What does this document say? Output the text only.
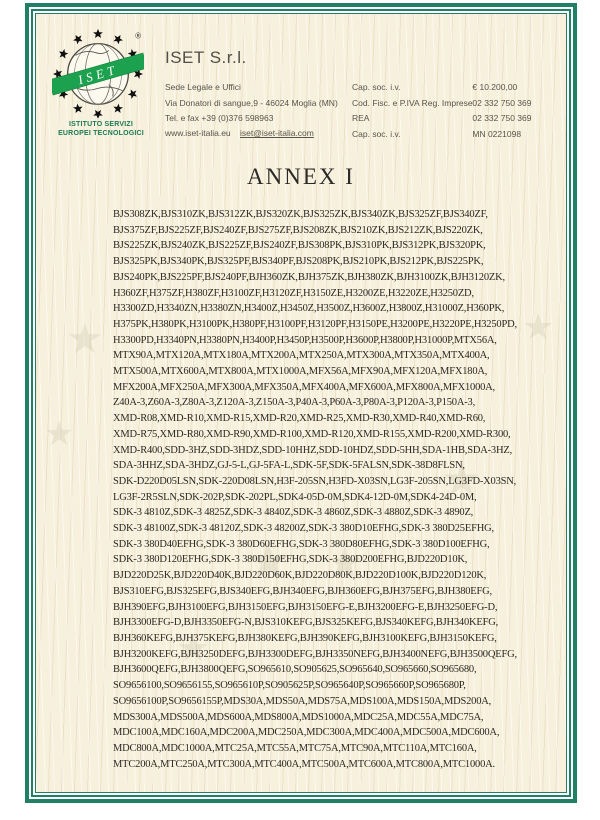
★
★
★
★
★
★
★
ISET
®
ISTITUTO SERVIZI
EUROPEI TECNOLOGICI
ISET S.r.l.
Sede Legale e Uffici
Via Donatori di sangue,9 - 46024 Moglia (MN)
Tel. e fax +39 (0)376 598963
www.iset-italia.eu iset@iset-italia.com
Cap. soc. i.v.	€ 10.200,00
Cod. Fisc. e P.IVA Reg. Imprese 02 332 750 369
REA	02 332 750 369
Cap. soc. i.v.	MN 0221098
ANNEX I
BJS308ZK,BJS310ZK,BJS312ZK,BJS320ZK,BJS325ZK,BJS340ZK,BJS325ZF,BJS340ZF,
BJS375ZF,BJS225ZF,BJS240ZF,BJS275ZF,BJS208ZK,BJS210ZK,BJS212ZK,BJS220ZK,
BJS225ZK,BJS240ZK,BJS225ZF,BJS240ZF,BJS308PK,BJS310PK,BJS312PK,BJS320PK,
BJS325PK,BJS340PK,BJS325PF,BJS340PF,BJS208PK,BJS210PK,BJS212PK,BJS225PK,
BJS240PK,BJS225PF,BJS240PF,BJH360ZK,BJH375ZK,BJH380ZK,BJH3100ZK,BJH3120ZK,
H360ZF,H375ZF,H380ZF,H3100ZF,H3120ZF,H3150ZE,H3200ZE,H3220ZE,H3250ZD,
H3300ZD,H3340ZN,H3380ZN,H3400Z,H3450Z,H3500Z,H3600Z,H3800Z,H31000Z,H360PK,
H375PK,H380PK,H3100PK,H380PF,H3100PF,H3120PF,H3150PE,H3200PE,H3220PE,H3250PD,
H3300PD,H3340PN,H3380PN,H3400P,H3450P,H3500P,H3600P,H3800P,H31000P,MTX56A,
MTX90A,MTX120A,MTX180A,MTX200A,MTX250A,MTX300A,MTX350A,MTX400A,
MTX500A,MTX600A,MTX800A,MTX1000A,MFX56A,MFX90A,MFX120A,MFX180A,
MFX200A,MFX250A,MFX300A,MFX350A,MFX400A,MFX600A,MFX800A,MFX1000A,
Z40A-3,Z60A-3,Z80A-3,Z120A-3,Z150A-3,P40A-3,P60A-3,P80A-3,P120A-3,P150A-3,
XMD-R08,XMD-R10,XMD-R15,XMD-R20,XMD-R25,XMD-R30,XMD-R40,XMD-R60,
XMD-R75,XMD-R80,XMD-R90,XMD-R100,XMD-R120,XMD-R155,XMD-R200,XMD-R300,
XMD-R400,SDD-3HZ,SDD-3HDZ,SDD-10HHZ,SDD-10HDZ,SDD-5HH,SDA-1HB,SDA-3HZ,
SDA-3HHZ,SDA-3HDZ,GJ-5-L,GJ-5FA-L,SDK-5F,SDK-5FALSN,SDK-38D8FLSN,
SDK-D220D05LSN,SDK-220D08LSN,H3F-205SN,H3FD-X03SN,LG3F-205SN,LG3FD-X03SN,
LG3F-2R5SLN,SDK-202P,SDK-202PL,SDK4-05D-0M,SDK4-12D-0M,SDK4-24D-0M,
SDK-3 4810Z,SDK-3 4825Z,SDK-3 4840Z,SDK-3 4860Z,SDK-3 4880Z,SDK-3 4890Z,
SDK-3 48100Z,SDK-3 48120Z,SDK-3 48200Z,SDK-3 380D10EFHG,SDK-3 380D25EFHG,
SDK-3 380D40EFHG,SDK-3 380D60EFHG,SDK-3 380D80EFHG,SDK-3 380D100EFHG,
SDK-3 380D120EFHG,SDK-3 380D150EFHG,SDK-3 380D200EFHG,BJD220D10K,
BJD220D25K,BJD220D40K,BJD220D60K,BJD220D80K,BJD220D100K,BJD220D120K,
BJS310EFG,BJS325EFG,BJS340EFG,BJH340EFG,BJH360EFG,BJH375EFG,BJH380EFG,
BJH390EFG,BJH3100EFG,BJH3150EFG,BJH3150EFG-E,BJH3200EFG-E,BJH3250EFG-D,
BJH3300EFG-D,BJH3350EFG-N,BJS310KEFG,BJS325KEFG,BJS340KEFG,BJH340KEFG,
BJH360KEFG,BJH375KEFG,BJH380KEFG,BJH390KEFG,BJH3100KEFG,BJH3150KEFG,
BJH3200KEFG,BJH3250DEFG,BJH3300DEFG,BJH3350NEFG,BJH3400NEFG,BJH3500QEFG,
BJH3600QEFG,BJH3800QEFG,SO965610,SO905625,SO965640,SO965660,SO965680,
SO9656100,SO9656155,SO965610P,SO905625P,SO965640P,SO965660P,SO965680P,
SO9656100P,SO9656155P,MDS30A,MDS50A,MDS75A,MDS100A,MDS150A,MDS200A,
MDS300A,MDS500A,MDS600A,MDS800A,MDS1000A,MDC25A,MDC55A,MDC75A,
MDC100A,MDC160A,MDC200A,MDC250A,MDC300A,MDC400A,MDC500A,MDC600A,
MDC800A,MDC1000A,MTC25A,MTC55A,MTC75A,MTC90A,MTC110A,MTC160A,
MTC200A,MTC250A,MTC300A,MTC400A,MTC500A,MTC600A,MTC800A,MTC1000A.
